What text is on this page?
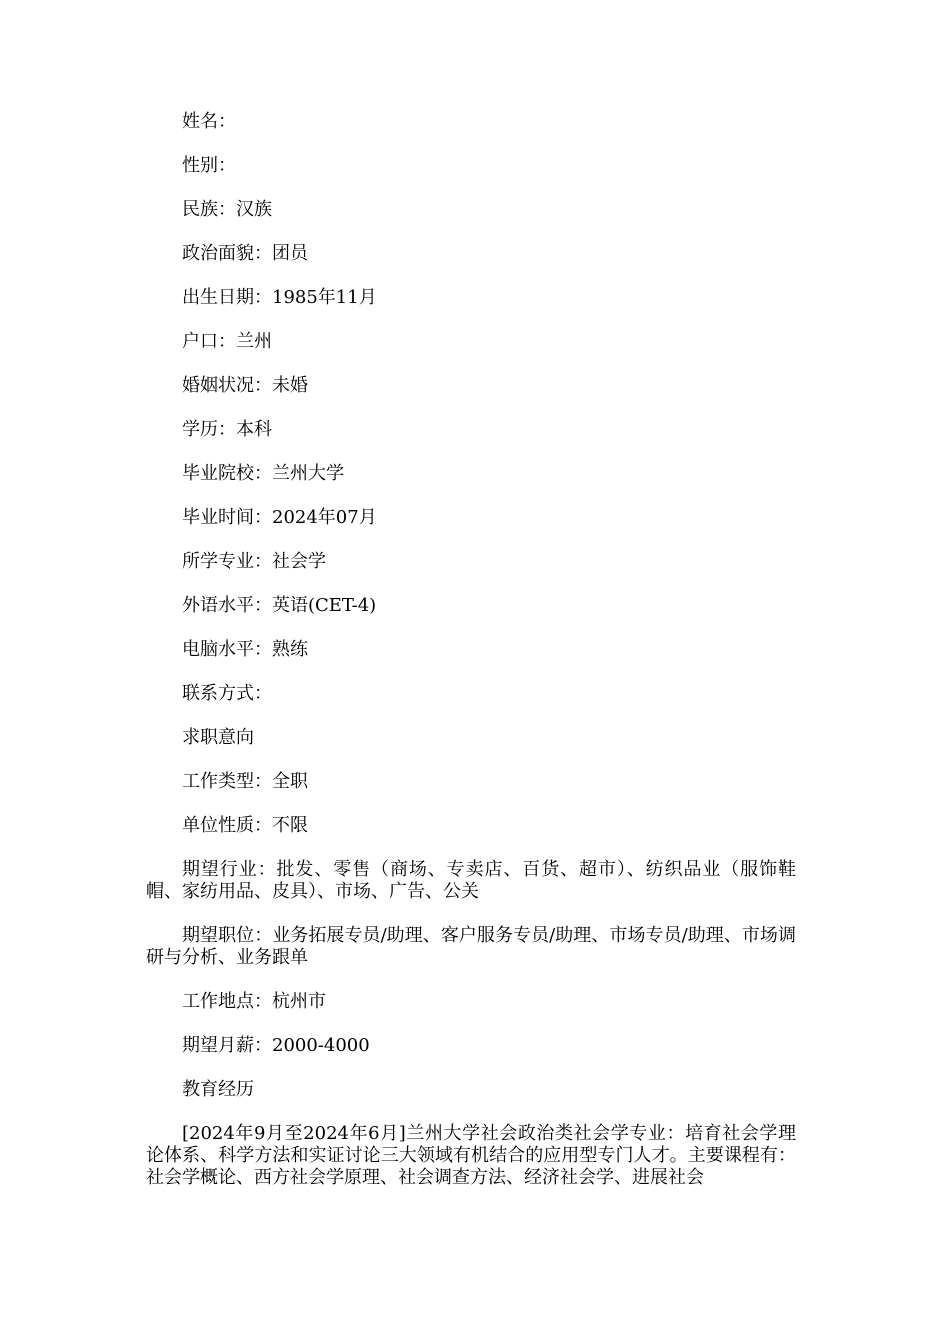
姓名：

性别：

民族：汉族

政治面貌：团员

出生日期：1985年11月

户口：兰州

婚姻状况：未婚

学历：本科

毕业院校：兰州大学

毕业时间：2024年07月

所学专业：社会学

外语水平：英语(CET-4)

电脑水平：熟练

联系方式：

求职意向

工作类型：全职

单位性质：不限

期望行业：批发、零售（商场、专卖店、百货、超市）、纺织品业（服饰鞋帽、家纺用品、皮具）、市场、广告、公关

期望职位：业务拓展专员/助理、客户服务专员/助理、市场专员/助理、市场调研与分析、业务跟单

工作地点：杭州市

期望月薪：2000-4000

教育经历

[2024年9月至2024年6月]兰州大学社会政治类社会学专业：培育社会学理论体系、科学方法和实证讨论三大领域有机结合的应用型专门人才。主要课程有：社会学概论、西方社会学原理、社会调查方法、经济社会学、进展社会
